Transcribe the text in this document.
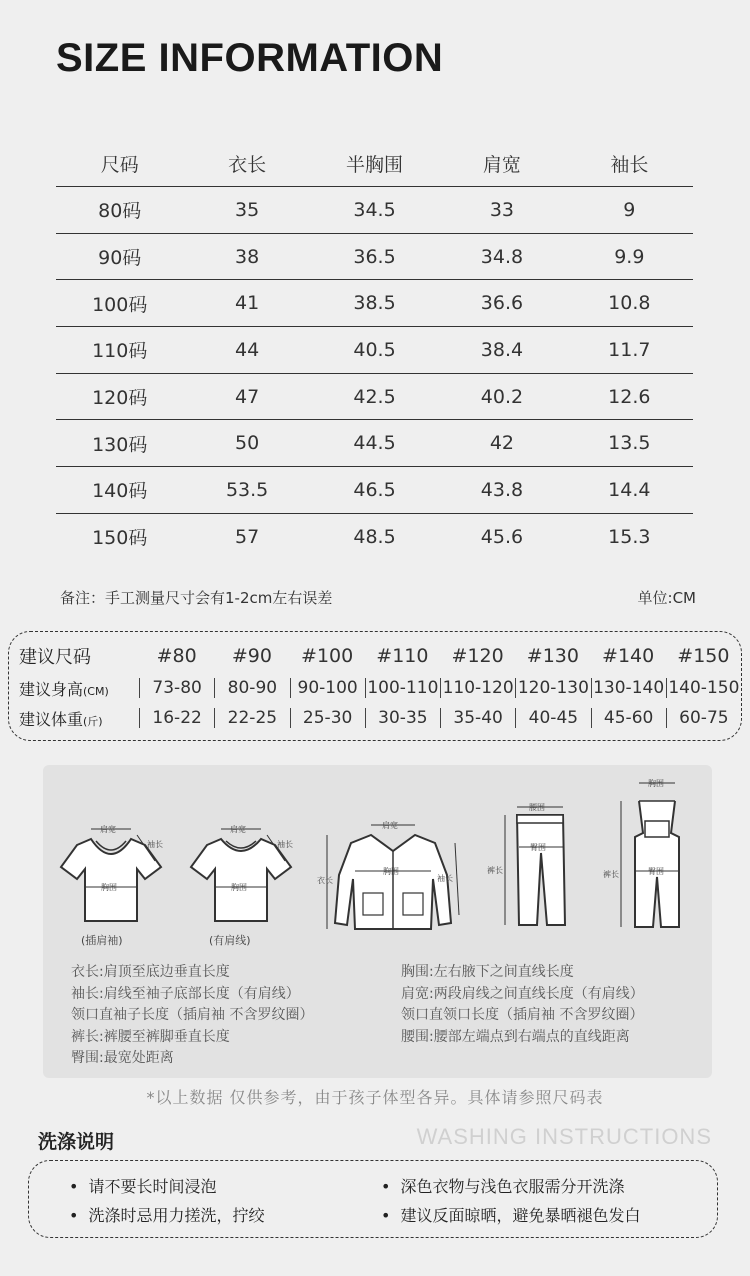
SIZE INFORMATION
尺码	衣长	半胸围	肩宽	袖长
80码	35	34.5	33	9
90码	38	36.5	34.8	9.9
100码	41	38.5	36.6	10.8
110码	44	40.5	38.4	11.7
120码	47	42.5	40.2	12.6
130码	50	44.5	42	13.5
140码	53.5	46.5	43.8	14.4
150码	57	48.5	45.6	15.3
备注：手工测量尺寸会有1-2cm左右误差	单位:CM
建议尺码	#80	#90	#100	#110	#120	#130	#140	#150
建议身高(CM)	73-80	80-90	90-100 100-110 110-120 120-130 130-140 140-150
建议体重(斤)	16-22	22-25	25-30	30-35	35-40	40-45	45-60	60-75
肩宽
胸围
袖长
(插肩袖)
肩宽
胸围
袖长
(有肩线)
肩宽
胸围
衣长	袖长
腰围
臀围
裤长
胸围
臀围
裤长
衣长:肩顶至底边垂直长度
袖长:肩线至袖子底部长度（有肩线）
领口直袖子长度（插肩袖 不含罗纹圈）
裤长:裤腰至裤脚垂直长度
臀围:最宽处距离
胸围:左右腋下之间直线长度
肩宽:两段肩线之间直线长度（有肩线）
领口直领口长度（插肩袖 不含罗纹圈）
腰围:腰部左端点到右端点的直线距离
*以上数据 仅供参考，由于孩子体型各异。具体请参照尺码表
洗涤说明	WASHING INSTRUCTIONS
• 请不要长时间浸泡	• 深色衣物与浅色衣服需分开洗涤
• 洗涤时忌用力搓洗，拧绞	• 建议反面晾晒，避免暴晒褪色发白
